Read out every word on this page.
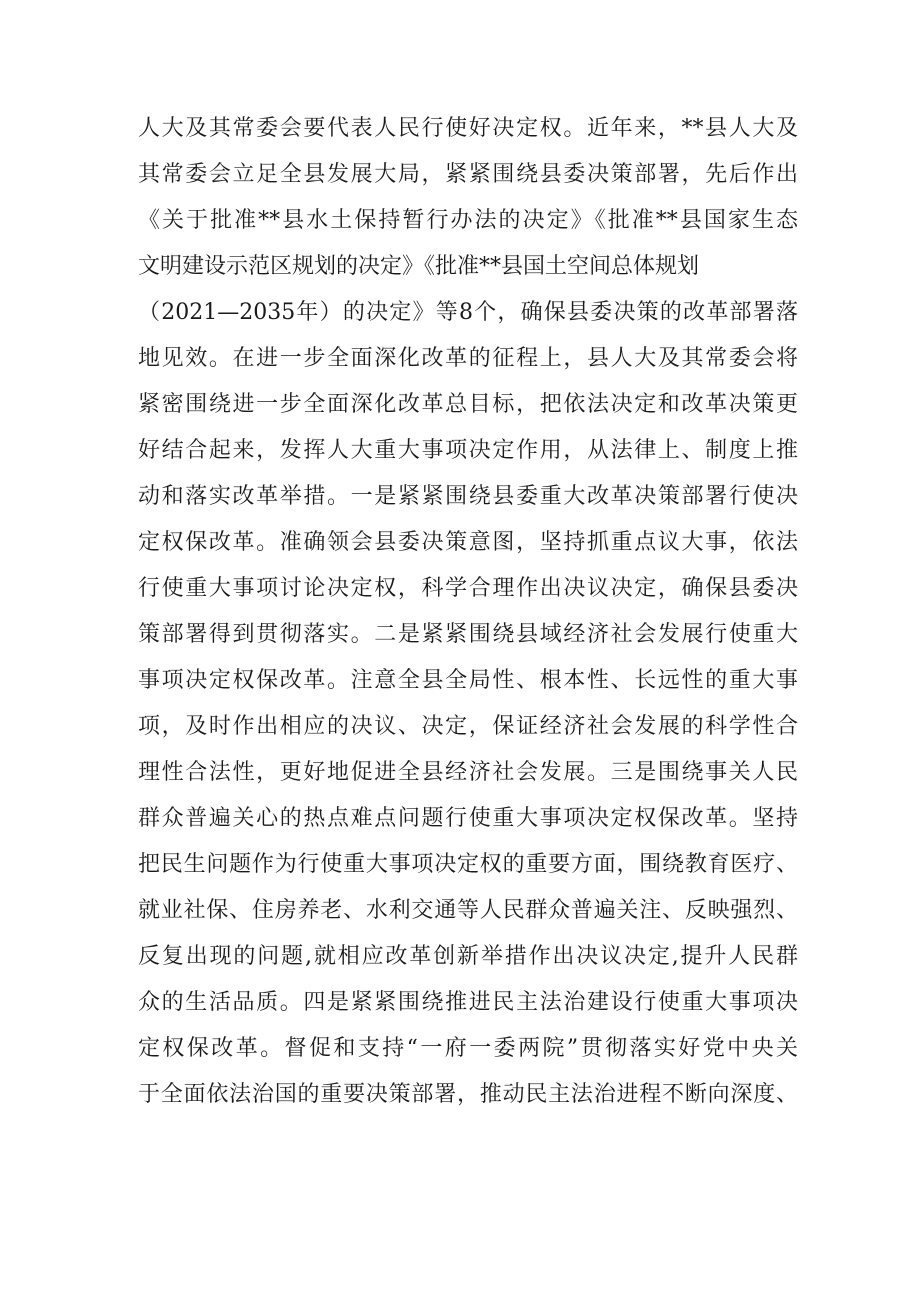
人大及其常委会要代表人民行使好决定权。近年来，**县人大及
其常委会立足全县发展大局，紧紧围绕县委决策部署，先后作出
《关于批准**县水土保持暂行办法的决定》《批准**县国家生态
文明建设示范区规划的决定》《批准**县国土空间总体规划
（2021—2035年）的决定》等8个，确保县委决策的改革部署落
地见效。在进一步全面深化改革的征程上，县人大及其常委会将
紧密围绕进一步全面深化改革总目标，把依法决定和改革决策更
好结合起来，发挥人大重大事项决定作用，从法律上、制度上推
动和落实改革举措。一是紧紧围绕县委重大改革决策部署行使决
定权保改革。准确领会县委决策意图，坚持抓重点议大事，依法
行使重大事项讨论决定权，科学合理作出决议决定，确保县委决
策部署得到贯彻落实。二是紧紧围绕县域经济社会发展行使重大
事项决定权保改革。注意全县全局性、根本性、长远性的重大事
项，及时作出相应的决议、决定，保证经济社会发展的科学性合
理性合法性，更好地促进全县经济社会发展。三是围绕事关人民
群众普遍关心的热点难点问题行使重大事项决定权保改革。坚持
把民生问题作为行使重大事项决定权的重要方面，围绕教育医疗、
就业社保、住房养老、水利交通等人民群众普遍关注、反映强烈、
反复出现的问题,就相应改革创新举措作出决议决定,提升人民群
众的生活品质。四是紧紧围绕推进民主法治建设行使重大事项决
定权保改革。督促和支持“一府一委两院”贯彻落实好党中央关
于全面依法治国的重要决策部署，推动民主法治进程不断向深度、
